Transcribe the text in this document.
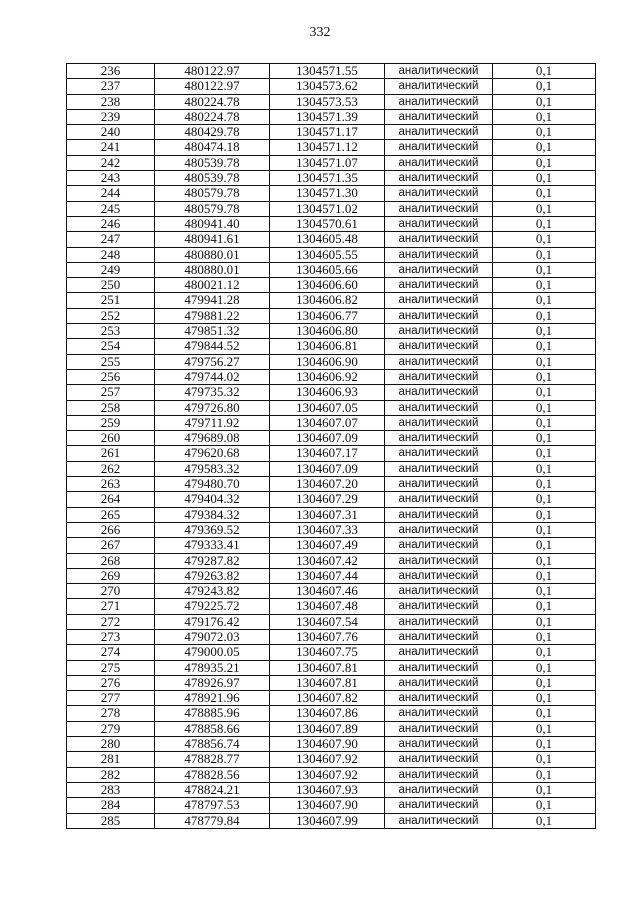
332
236	480122.97	1304571.55	аналитический	0,1
237	480122.97	1304573.62	аналитический	0,1
238	480224.78	1304573.53	аналитический	0,1
239	480224.78	1304571.39	аналитический	0,1
240	480429.78	1304571.17	аналитический	0,1
241	480474.18	1304571.12	аналитический	0,1
242	480539.78	1304571.07	аналитический	0,1
243	480539.78	1304571.35	аналитический	0,1
244	480579.78	1304571.30	аналитический	0,1
245	480579.78	1304571.02	аналитический	0,1
246	480941.40	1304570.61	аналитический	0,1
247	480941.61	1304605.48	аналитический	0,1
248	480880.01	1304605.55	аналитический	0,1
249	480880.01	1304605.66	аналитический	0,1
250	480021.12	1304606.60	аналитический	0,1
251	479941.28	1304606.82	аналитический	0,1
252	479881.22	1304606.77	аналитический	0,1
253	479851.32	1304606.80	аналитический	0,1
254	479844.52	1304606.81	аналитический	0,1
255	479756.27	1304606.90	аналитический	0,1
256	479744.02	1304606.92	аналитический	0,1
257	479735.32	1304606.93	аналитический	0,1
258	479726.80	1304607.05	аналитический	0,1
259	479711.92	1304607.07	аналитический	0,1
260	479689.08	1304607.09	аналитический	0,1
261	479620.68	1304607.17	аналитический	0,1
262	479583.32	1304607.09	аналитический	0,1
263	479480.70	1304607.20	аналитический	0,1
264	479404.32	1304607.29	аналитический	0,1
265	479384.32	1304607.31	аналитический	0,1
266	479369.52	1304607.33	аналитический	0,1
267	479333.41	1304607.49	аналитический	0,1
268	479287.82	1304607.42	аналитический	0,1
269	479263.82	1304607.44	аналитический	0,1
270	479243.82	1304607.46	аналитический	0,1
271	479225.72	1304607.48	аналитический	0,1
272	479176.42	1304607.54	аналитический	0,1
273	479072.03	1304607.76	аналитический	0,1
274	479000.05	1304607.75	аналитический	0,1
275	478935.21	1304607.81	аналитический	0,1
276	478926.97	1304607.81	аналитический	0,1
277	478921.96	1304607.82	аналитический	0,1
278	478885.96	1304607.86	аналитический	0,1
279	478858.66	1304607.89	аналитический	0,1
280	478856.74	1304607.90	аналитический	0,1
281	478828.77	1304607.92	аналитический	0,1
282	478828.56	1304607.92	аналитический	0,1
283	478824.21	1304607.93	аналитический	0,1
284	478797.53	1304607.90	аналитический	0,1
285	478779.84	1304607.99	аналитический	0,1
